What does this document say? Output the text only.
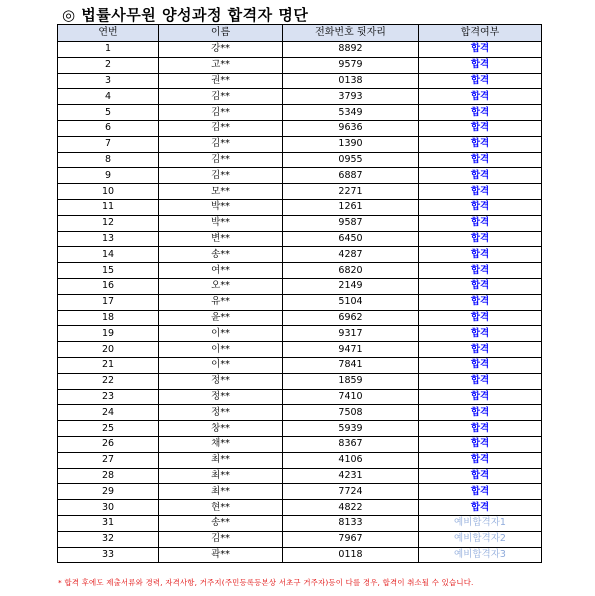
◎ 법률사무원 양성과정 합격자 명단
연번	이름	전화번호 뒷자리	합격여부
1	강**	8892	합격
2	고**	9579	합격
3	권**	0138	합격
4	김**	3793	합격
5	김**	5349	합격
6	김**	9636	합격
7	김**	1390	합격
8	김**	0955	합격
9	김**	6887	합격
10	모**	2271	합격
11	박**	1261	합격
12	박**	9587	합격
13	변**	6450	합격
14	송**	4287	합격
15	여**	6820	합격
16	오**	2149	합격
17	유**	5104	합격
18	윤**	6962	합격
19	이**	9317	합격
20	이**	9471	합격
21	이**	7841	합격
22	정**	1859	합격
23	정**	7410	합격
24	정**	7508	합격
25	창**	5939	합격
26	채**	8367	합격
27	최**	4106	합격
28	최**	4231	합격
29	최**	7724	합격
30	현**	4822	합격
31	송**	8133	예비합격자1
32	김**	7967	예비합격자2
33	곽**	0118	예비합격자3
* 합격 후에도 제출서류와 경력, 자격사항, 거주지(주민등록등본상 서초구 거주자)등이 다를 경우, 합격이 취소될 수 있습니다.
